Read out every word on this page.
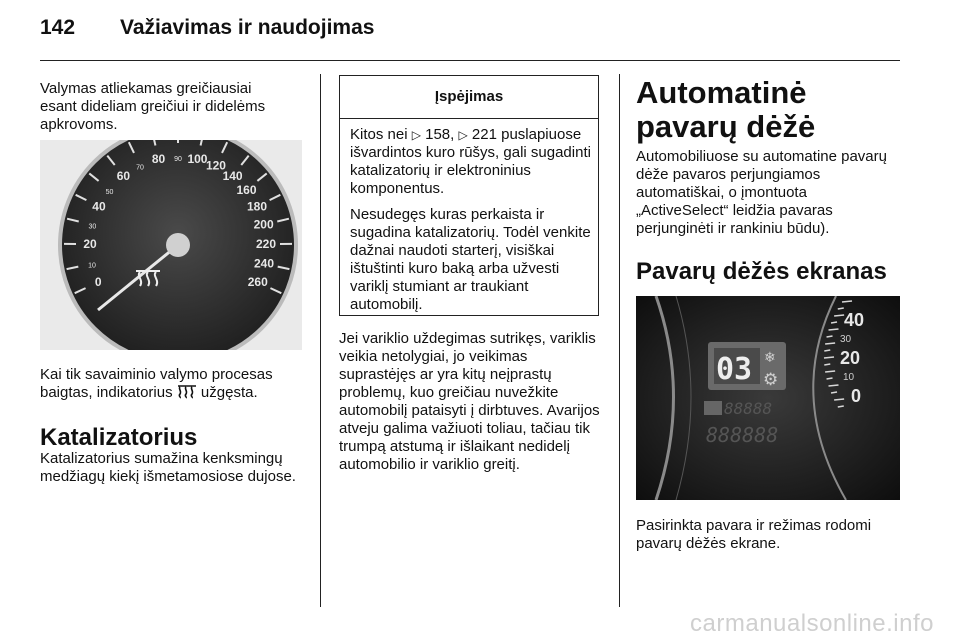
142 Važiavimas ir naudojimas
Valymas atliekamas greičiausiai esant dideliam greičiui ir didelėms apkrovoms.
0
10
20
30
40
50
60
70
80 90 100
120
140
160
180
200
220
240
260
Kai tik savaiminio valymo procesas baigtas, indikatorius užgęsta.
Katalizatorius
Katalizatorius sumažina kenksmingų medžiagų kiekį išmetamosiose dujose.
Įspėjimas

Kitos nei ▷ 158, ▷ 221 puslapiuose išvardintos kuro rūšys, gali sugadinti katalizatorių ir elektroninius komponentus.

Nesudegęs kuras perkaista ir sugadina katalizatorių. Todėl venkite dažnai naudoti starterį, visiškai ištuštinti kuro baką arba užvesti variklį stumiant ar traukiant automobilį.

Jei variklio uždegimas sutrikęs, variklis veikia netolygiai, jo veikimas suprastėjęs ar yra kitų neįprastų problemų, kuo greičiau nuvežkite automobilį pataisyti į dirbtuves. Avarijos atveju galima važiuoti toliau, tačiau tik trumpą atstumą ir išlaikant nedidelį automobilio ir variklio greitį.
Automatinė pavarų dėžė
Automobiliuose su automatine pavarų dėže pavaros perjungiamos automatiškai, o įmontuota „ActiveSelect“ leidžia pavaras perjunginėti ir rankiniu būdu).
Pavarų dėžės ekranas
03 ❄
⚙
88888
888888
40
30
20
10
0
Pasirinkta pavara ir režimas rodomi pavarų dėžės ekrane.
carmanualsonline.info
